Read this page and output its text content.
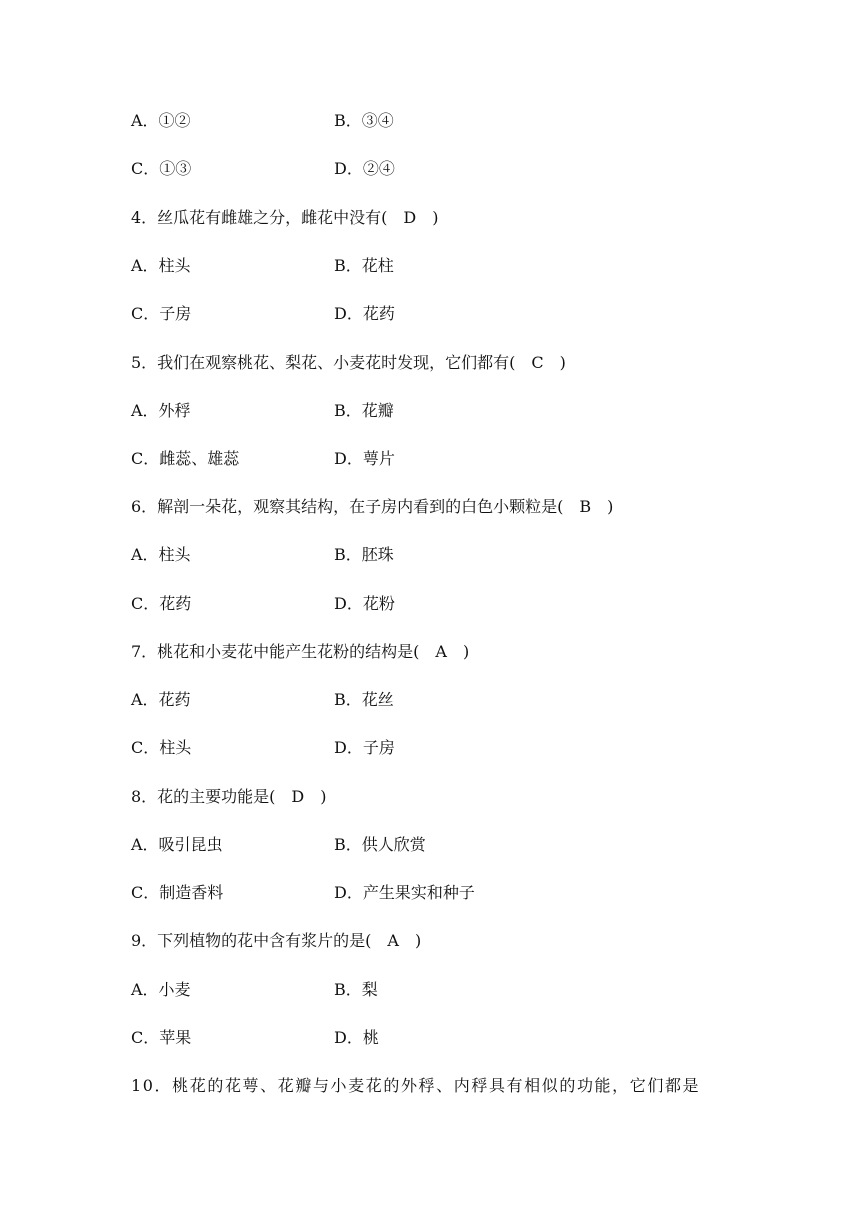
A．①②	B．③④
C．①③	D．②④
4．丝瓜花有雌雄之分，雌花中没有(　D　)
A．柱头	B．花柱
C．子房	D．花药
5．我们在观察桃花、梨花、小麦花时发现，它们都有(　C　)
A．外稃	B．花瓣
C．雌蕊、雄蕊	D．萼片
6．解剖一朵花，观察其结构，在子房内看到的白色小颗粒是(　B　)
A．柱头	B．胚珠
C．花药	D．花粉
7．桃花和小麦花中能产生花粉的结构是(　A　)
A．花药	B．花丝
C．柱头	D．子房
8．花的主要功能是(　D　)
A．吸引昆虫	B．供人欣赏
C．制造香料	D．产生果实和种子
9．下列植物的花中含有浆片的是(　A　)
A．小麦	B．梨
C．苹果	D．桃
10．桃花的花萼、花瓣与小麦花的外稃、内稃具有相似的功能，它们都是
